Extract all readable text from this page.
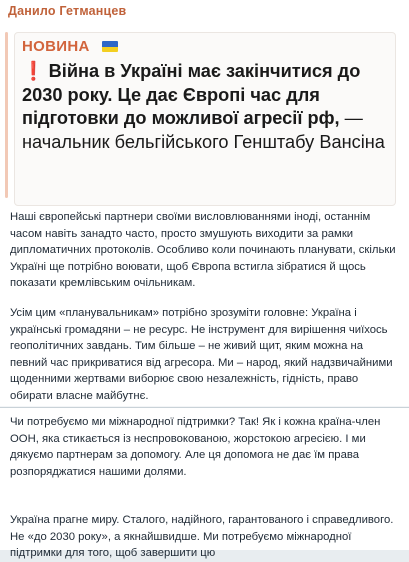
Данило Гетманцев
НОВИНА
❗ Війна в Україні має закінчитися до 2030 року. Це дає Європі час для підготовки до можливої агресії рф, — начальник бельгійського Генштабу Вансіна
Наші європейські партнери своїми висловлюваннями іноді, останнім часом навіть занадто часто, просто змушують виходити за рамки дипломатичних протоколів. Особливо коли починають планувати, скільки Україні ще потрібно воювати, щоб Європа встигла зібратися й щось показати кремлівським очільникам.
Усім цим «планувальникам» потрібно зрозуміти головне: Україна і українські громадяни – не ресурс. Не інструмент для вирішення чиїхось геополітичних завдань. Тим більше – не живий щит, яким можна на певний час прикриватися від агресора. Ми – народ, який надзвичайними щоденними жертвами виборює свою незалежність, гідність, право обирати власне майбутнє.
Чи потребуємо ми міжнародної підтримки? Так! Як і кожна країна-член ООН, яка стикається із неспровокованою, жорстокою агресією. І ми дякуємо партнерам за допомогу. Але ця допомога не дає їм права розпоряджатися нашими долями.
Україна прагне миру. Сталого, надійного, гарантованого і справедливого. Не «до 2030 року», а якнайшвидше. Ми потребуємо міжнародної підтримки для того, щоб завершити цю
